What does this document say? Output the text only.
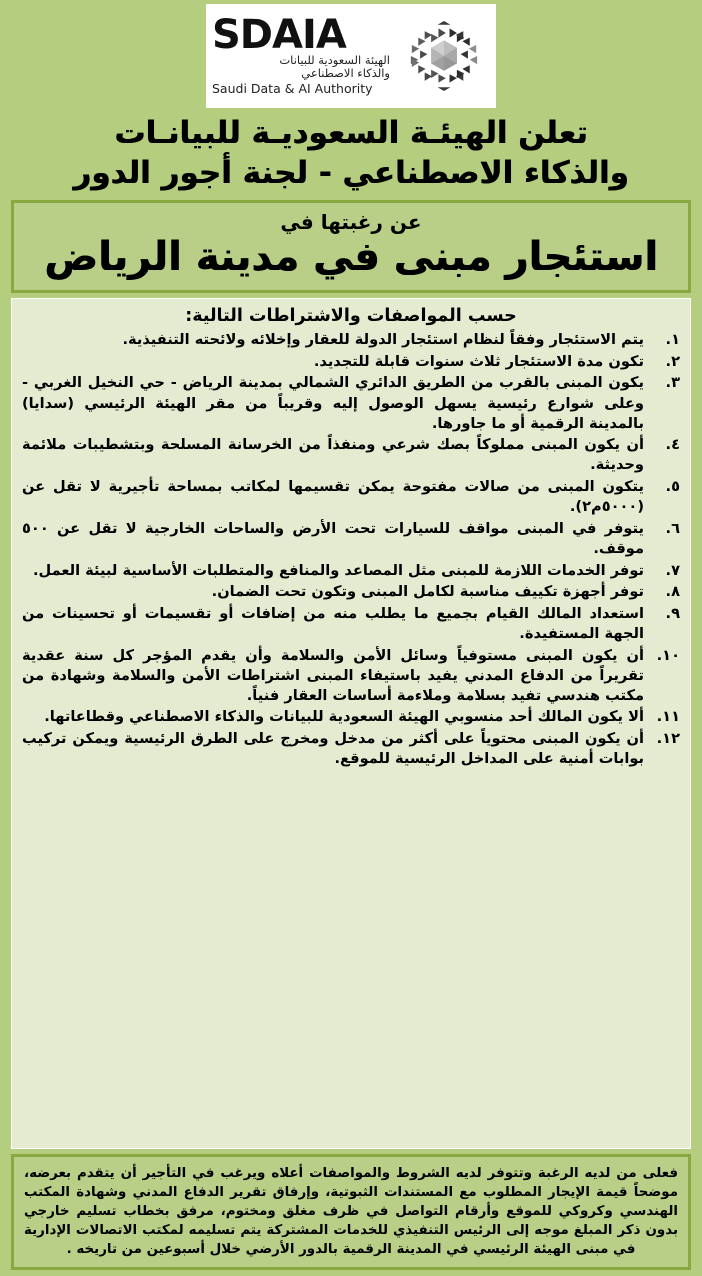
SDAIA
الهيئة السعودية للبيانات
والذكاء الاصطناعي
Saudi Data & AI Authority
تعلن الهيئـة السعوديـة للبيانـات
والذكاء الاصطناعي - لجنة أجور الدور
عن رغبتها في
استئجار مبنى في مدينة الرياض
حسب المواصفات والاشتراطات التالية:
١.
يتم الاستئجار وفقاً لنظام استئجار الدولة للعقار وإخلائه ولائحته التنفيذية.
٢.
تكون مدة الاستئجار ثلاث سنوات قابلة للتجديد.
٣.
يكون المبنى بالقرب من الطريق الدائري الشمالي بمدينة الرياض - حي النخيل الغربي - وعلى شوارع رئيسية يسهل الوصول إليه وقريباً من مقر الهيئة الرئيسي (سدايا) بالمدينة الرقمية أو ما جاورها.
٤.
أن يكون المبنى مملوكاً بصك شرعي ومنفذاً من الخرسانة المسلحة وبتشطيبات ملائمة وحديثة.
٥.
يتكون المبنى من صالات مفتوحة يمكن تقسيمها لمكاتب بمساحة تأجيرية لا تقل عن (٥٠٠٠م٢).
٦.
يتوفر في المبنى مواقف للسيارات تحت الأرض والساحات الخارجية لا تقل عن ٥٠٠ موقف.
٧.
توفر الخدمات اللازمة للمبنى مثل المصاعد والمنافع والمتطلبات الأساسية لبيئة العمل.
٨.
توفر أجهزة تكييف مناسبة لكامل المبنى وتكون تحت الضمان.
٩.
استعداد المالك القيام بجميع ما يطلب منه من إضافات أو تقسيمات أو تحسينات من الجهة المستفيدة.
١٠.
أن يكون المبنى مستوفياً وسائل الأمن والسلامة وأن يقدم المؤجر كل سنة عقدية تقريراً من الدفاع المدني يفيد باستيفاء المبنى اشتراطات الأمن والسلامة وشهادة من مكتب هندسي تفيد بسلامة وملاءمة أساسات العقار فنياً.
١١.
ألا يكون المالك أحد منسوبي الهيئة السعودية للبيانات والذكاء الاصطناعي وقطاعاتها.
١٢.
أن يكون المبنى محتوياً على أكثر من مدخل ومخرج على الطرق الرئيسية ويمكن تركيب بوابات أمنية على المداخل الرئيسية للموقع.
فعلى من لديه الرغبة وتتوفر لديه الشروط والمواصفات أعلاه ويرغب في التأجير أن يتقدم بعرضه، موضحاً قيمة الإيجار المطلوب مع المستندات الثبوتية، وإرفاق تقرير الدفاع المدني وشهادة المكتب الهندسي وكروكي للموقع وأرقام التواصل في ظرف مغلق ومختوم، مرفق بخطاب تسليم خارجي بدون ذكر المبلغ موجه إلى الرئيس التنفيذي للخدمات المشتركة يتم تسليمه لمكتب الاتصالات الإدارية في مبنى الهيئة الرئيسي في المدينة الرقمية بالدور الأرضي خلال أسبوعين من تاريخه .
